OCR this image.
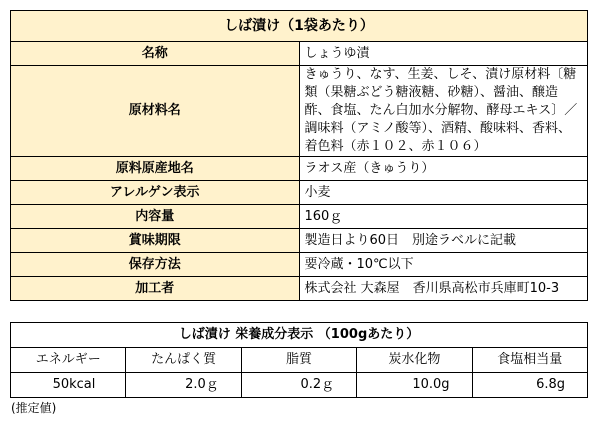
しば漬け（1袋あたり）	
名称	しょうゆ漬
原材料名	きゅうり、なす、生姜、しそ、漬け原材料〔糖類（果糖ぶどう糖液糖、砂糖）、醤油、醸造酢、食塩、たん白加水分解物、酵母エキス〕／調味料（アミノ酸等）、酒精、酸味料、香料、着色料（赤１０２、赤１０６）
原料原産地名	ラオス産（きゅうり）
アレルゲン表示	小麦
内容量	160ｇ
賞味期限	製造日より60日　別途ラベルに記載
保存方法	要冷蔵・10℃以下
加工者	株式会社 大森屋　香川県高松市兵庫町10-3
しば漬け 栄養成分表示 （100gあたり）				
エネルギー	たんぱく質	脂質	炭水化物	食塩相当量
50kcal	2.0ｇ	0.2ｇ	10.0g	6.8g
(推定値)
